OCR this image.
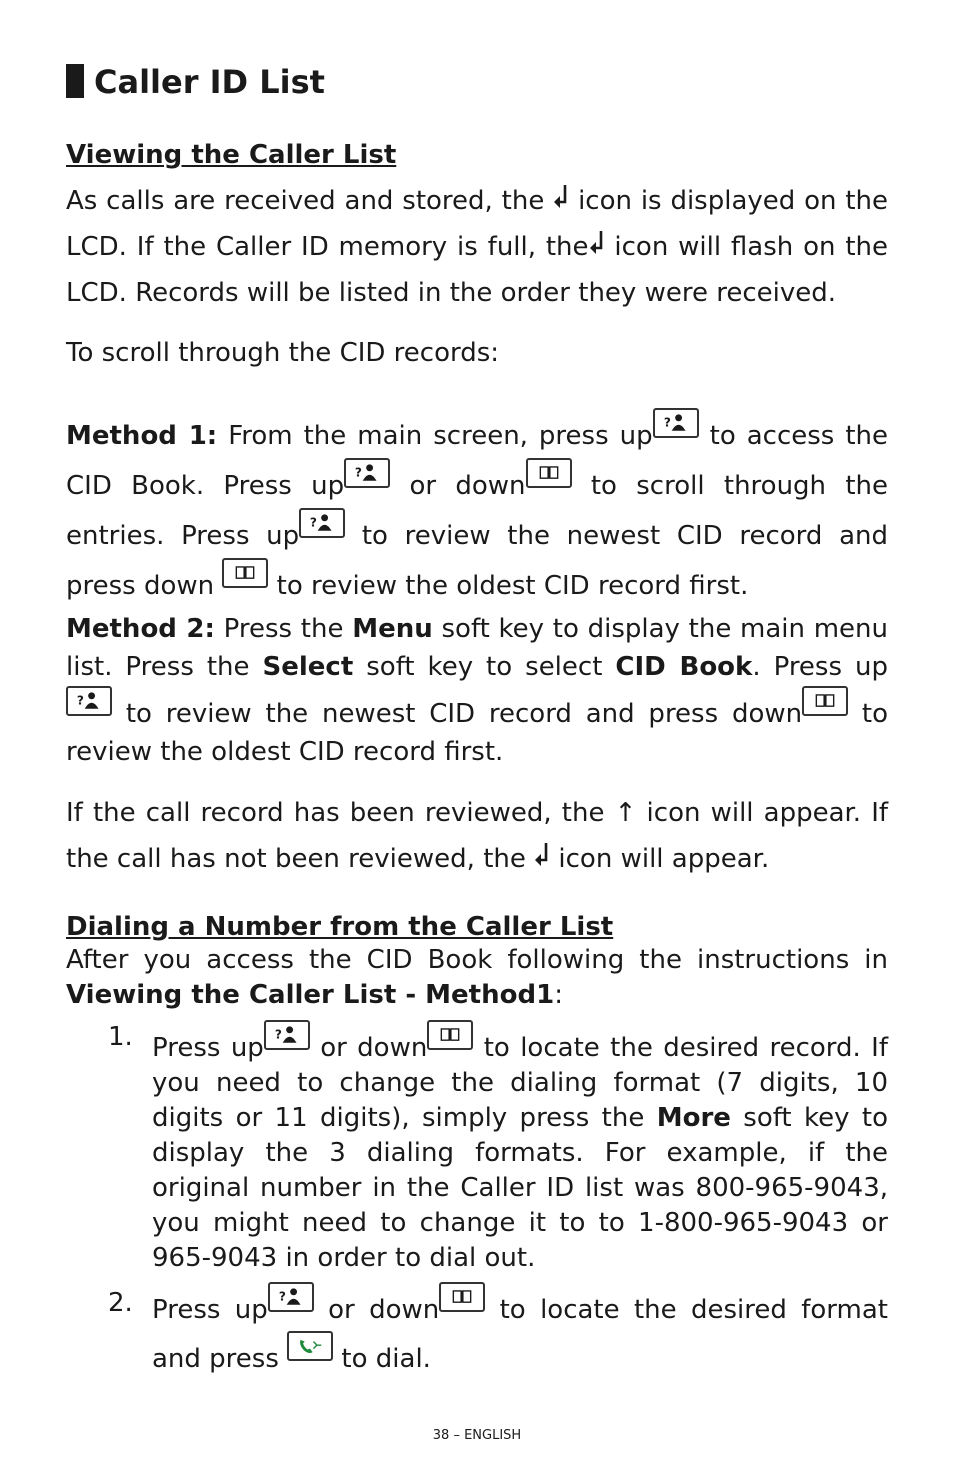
Caller ID List
Viewing the Caller List
As calls are received and stored, the icon is displayed on the LCD. If the Caller ID memory is full, the icon will flash on the LCD. Records will be listed in the order they were received.
To scroll through the CID records:
Method 1: From the main screen, press up to access the CID Book. Press up	or down	to scroll through the entries. Press up to review the newest CID record and press down to review the oldest CID record first.
Method 2: Press the Menu soft key to display the main menu list. Press the Select soft key to select CID Book. Press up
to review the newest CID record and press down to review the oldest CID record first.
If the call record has been reviewed, the ↑ icon will appear. If the call has not been reviewed, the icon will appear.
Dialing a Number from the Caller List
After you access the CID Book following the instructions in Viewing the Caller List - Method1:
1. Press up or down to locate the desired record. If you need to change the dialing format (7 digits, 10 digits or 11 digits), simply press the More soft key to display the 3 dialing formats. For example, if the original number in the Caller ID list was 800-965-9043, you might need to change it to to 1-800-965-9043 or 965-9043 in order to dial out.
2. Press up or down to locate the desired format and press to dial.
38 – ENGLISH
